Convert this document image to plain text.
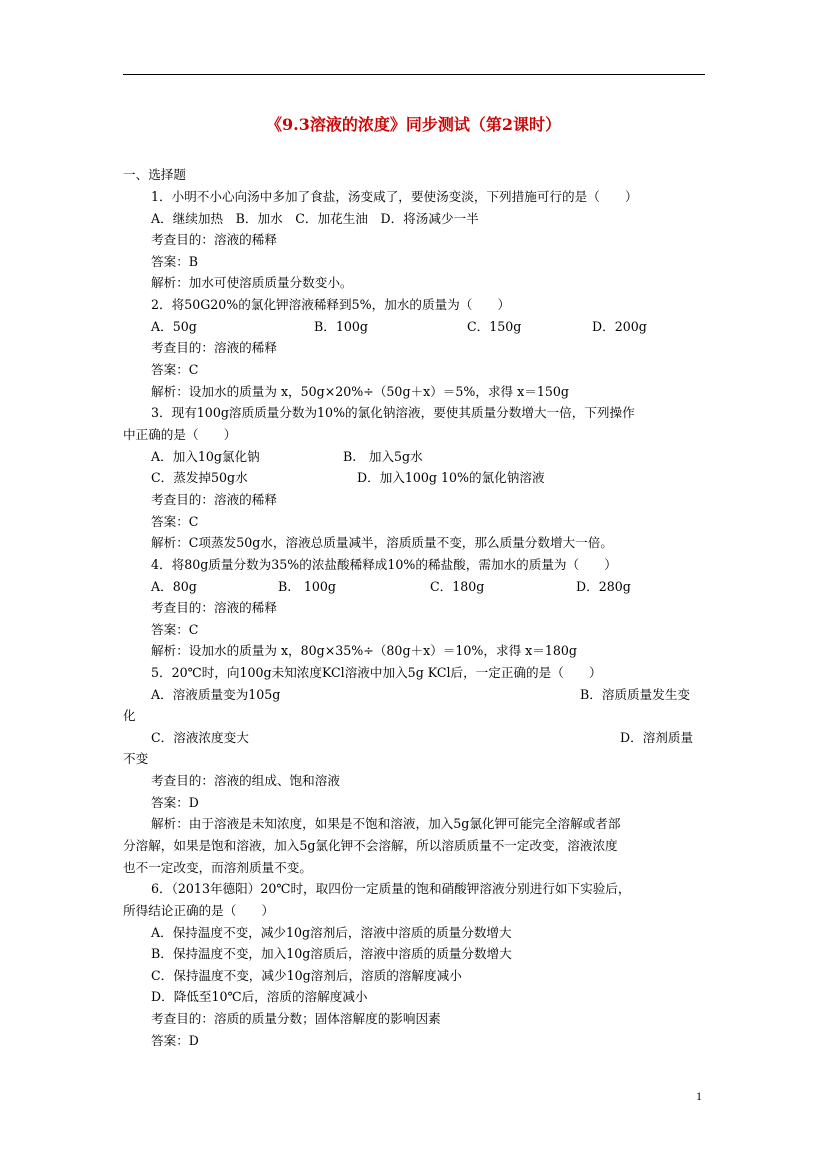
《9.3溶液的浓度》同步测试（第2课时）
一、选择题
1．小明不小心向汤中多加了食盐，汤变咸了，要使汤变淡，下列措施可行的是（　　）
A．继续加热　B．加水　C．加花生油　D．将汤减少一半
考查目的：溶液的稀释
答案：B
解析：加水可使溶质质量分数变小。
2．将50G20%的氯化钾溶液稀释到5%，加水的质量为（　　）
A．50g	B．100g	C．150g	D．200g
考查目的：溶液的稀释
答案：C
解析：设加水的质量为 x，50g×20%÷（50g＋x）＝5%，求得 x＝150g
3．现有100g溶质质量分数为10%的氯化钠溶液，要使其质量分数增大一倍，下列操作
中正确的是（　　）
A．加入10g氯化钠	B.　加入5g水
C．蒸发掉50g水	D．加入100g 10%的氯化钠溶液
考查目的：溶液的稀释
答案：C
解析：C项蒸发50g水，溶液总质量减半，溶质质量不变，那么质量分数增大一倍。
4．将80g质量分数为35%的浓盐酸稀释成10%的稀盐酸，需加水的质量为（　　）
A．80g	B.　100g	C．180g	D．280g
考查目的：溶液的稀释
答案：C
解析：设加水的质量为 x，80g×35%÷（80g＋x）＝10%，求得 x＝180g
5．20℃时，向100g未知浓度KCl溶液中加入5g KCl后，一定正确的是（　　）
A．溶液质量变为105g	B．溶质质量发生变
化
C．溶液浓度变大	D．溶剂质量
不变
考查目的：溶液的组成、饱和溶液
答案：D
解析：由于溶液是未知浓度，如果是不饱和溶液，加入5g氯化钾可能完全溶解或者部
分溶解，如果是饱和溶液，加入5g氯化钾不会溶解，所以溶质质量不一定改变，溶液浓度
也不一定改变，而溶剂质量不变。
6．（2013年德阳）20℃时，取四份一定质量的饱和硝酸钾溶液分别进行如下实验后，
所得结论正确的是（　　）
A．保持温度不变，减少10g溶剂后，溶液中溶质的质量分数增大
B．保持温度不变，加入10g溶质后，溶液中溶质的质量分数增大
C．保持温度不变，减少10g溶剂后，溶质的溶解度减小
D．降低至10℃后，溶质的溶解度减小
考查目的：溶质的质量分数；固体溶解度的影响因素
答案：D
1
